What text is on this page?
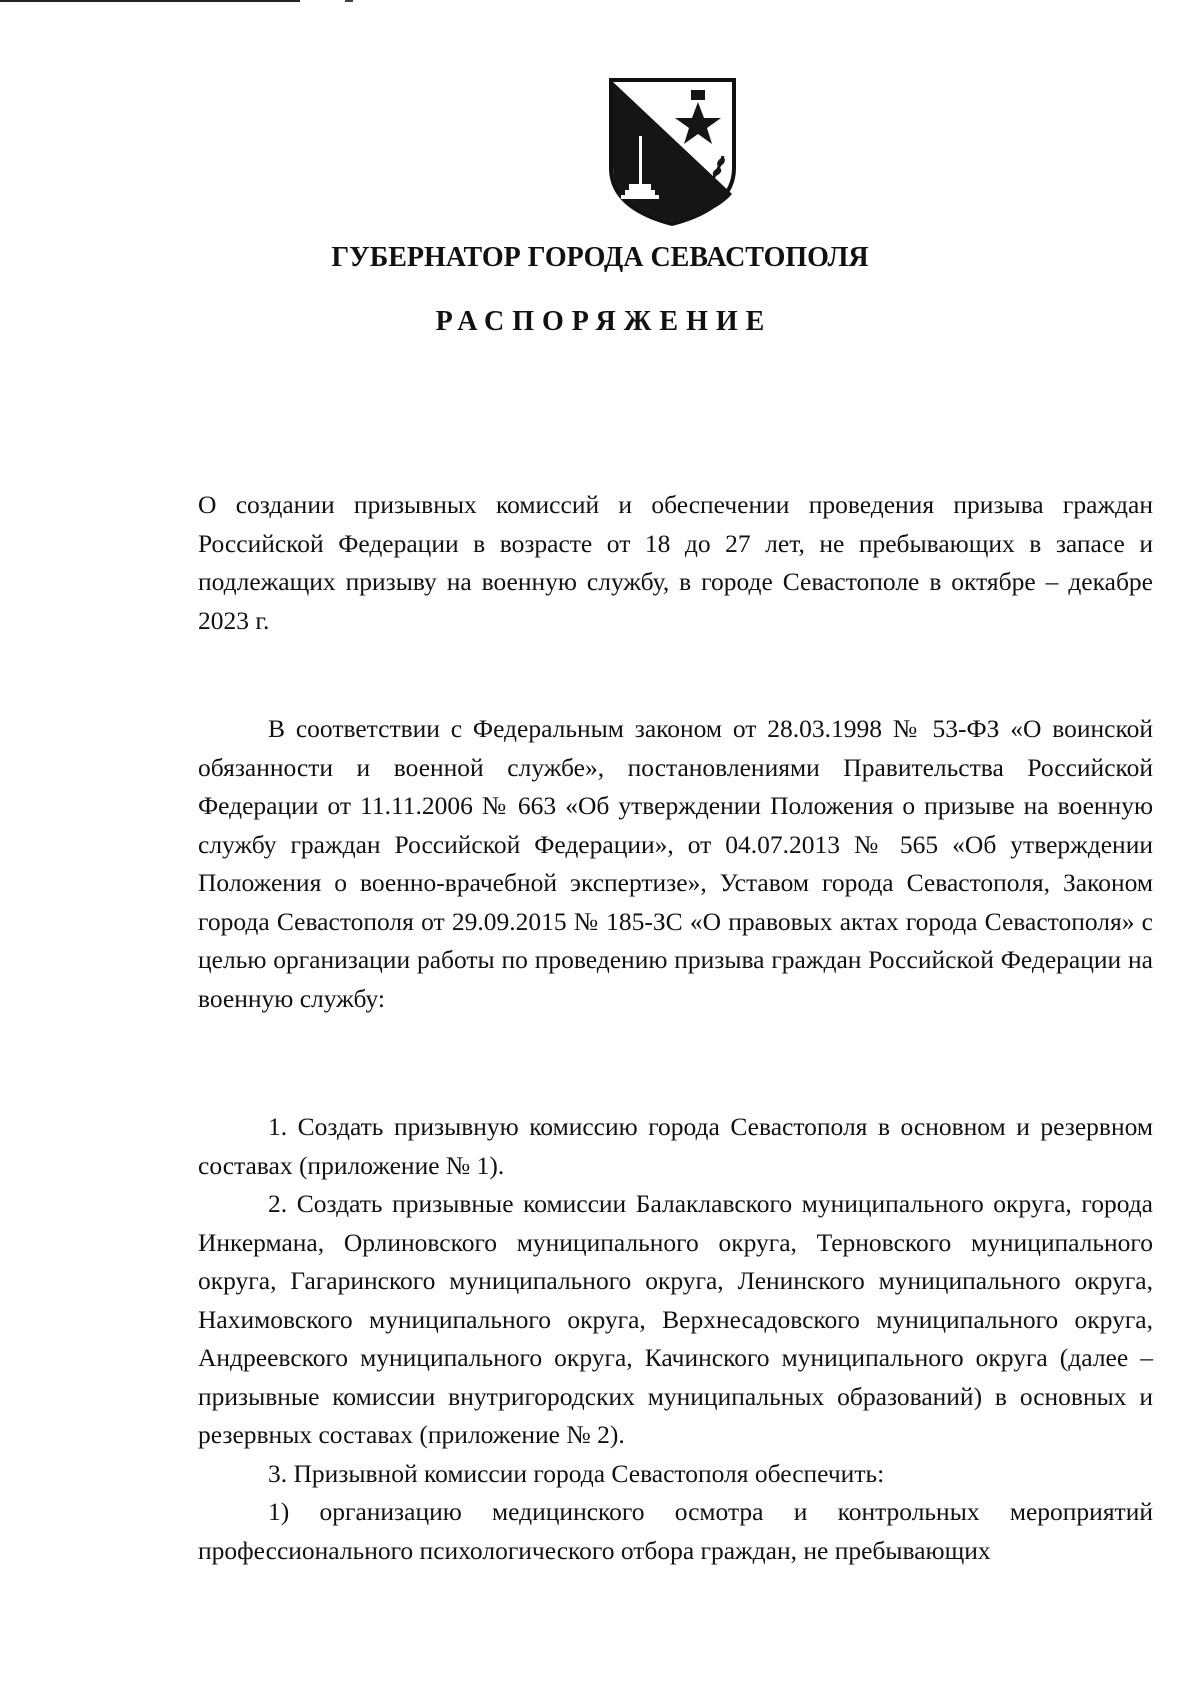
ГУБЕРНАТОР ГОРОДА СЕВАСТОПОЛЯ
РАСПОРЯЖЕНИЕ
О создании призывных комиссий и обеспечении проведения призыва граждан Российской Федерации в возрасте от 18 до 27 лет, не пребывающих в запасе и подлежащих призыву на военную службу, в городе Севастополе в октябре – декабре 2023 г.

В соответствии с Федеральным законом от 28.03.1998 № 53-ФЗ «О воинской обязанности и военной службе», постановлениями Правительства Российской Федерации от 11.11.2006 № 663 «Об утверждении Положения о призыве на военную службу граждан Российской Федерации», от 04.07.2013 № 565 «Об утверждении Положения о военно-врачебной экспертизе», Уставом города Севастополя, Законом города Севастополя от 29.09.2015 № 185-ЗС «О правовых актах города Севастополя» с целью организации работы по проведению призыва граждан Российской Федерации на военную службу:

1. Создать призывную комиссию города Севастополя в основном и резервном составах (приложение № 1).

2. Создать призывные комиссии Балаклавского муниципального округа, города Инкермана, Орлиновского муниципального округа, Терновского муниципального округа, Гагаринского муниципального округа, Ленинского муниципального округа, Нахимовского муниципального округа, Верхнесадовского муниципального округа, Андреевского муниципального округа, Качинского муниципального округа (далее – призывные комиссии внутригородских муниципальных образований) в основных и резервных составах (приложение № 2).

3. Призывной комиссии города Севастополя обеспечить:

1) организацию медицинского осмотра и контрольных мероприятий профессионального психологического отбора граждан, не пребывающих
